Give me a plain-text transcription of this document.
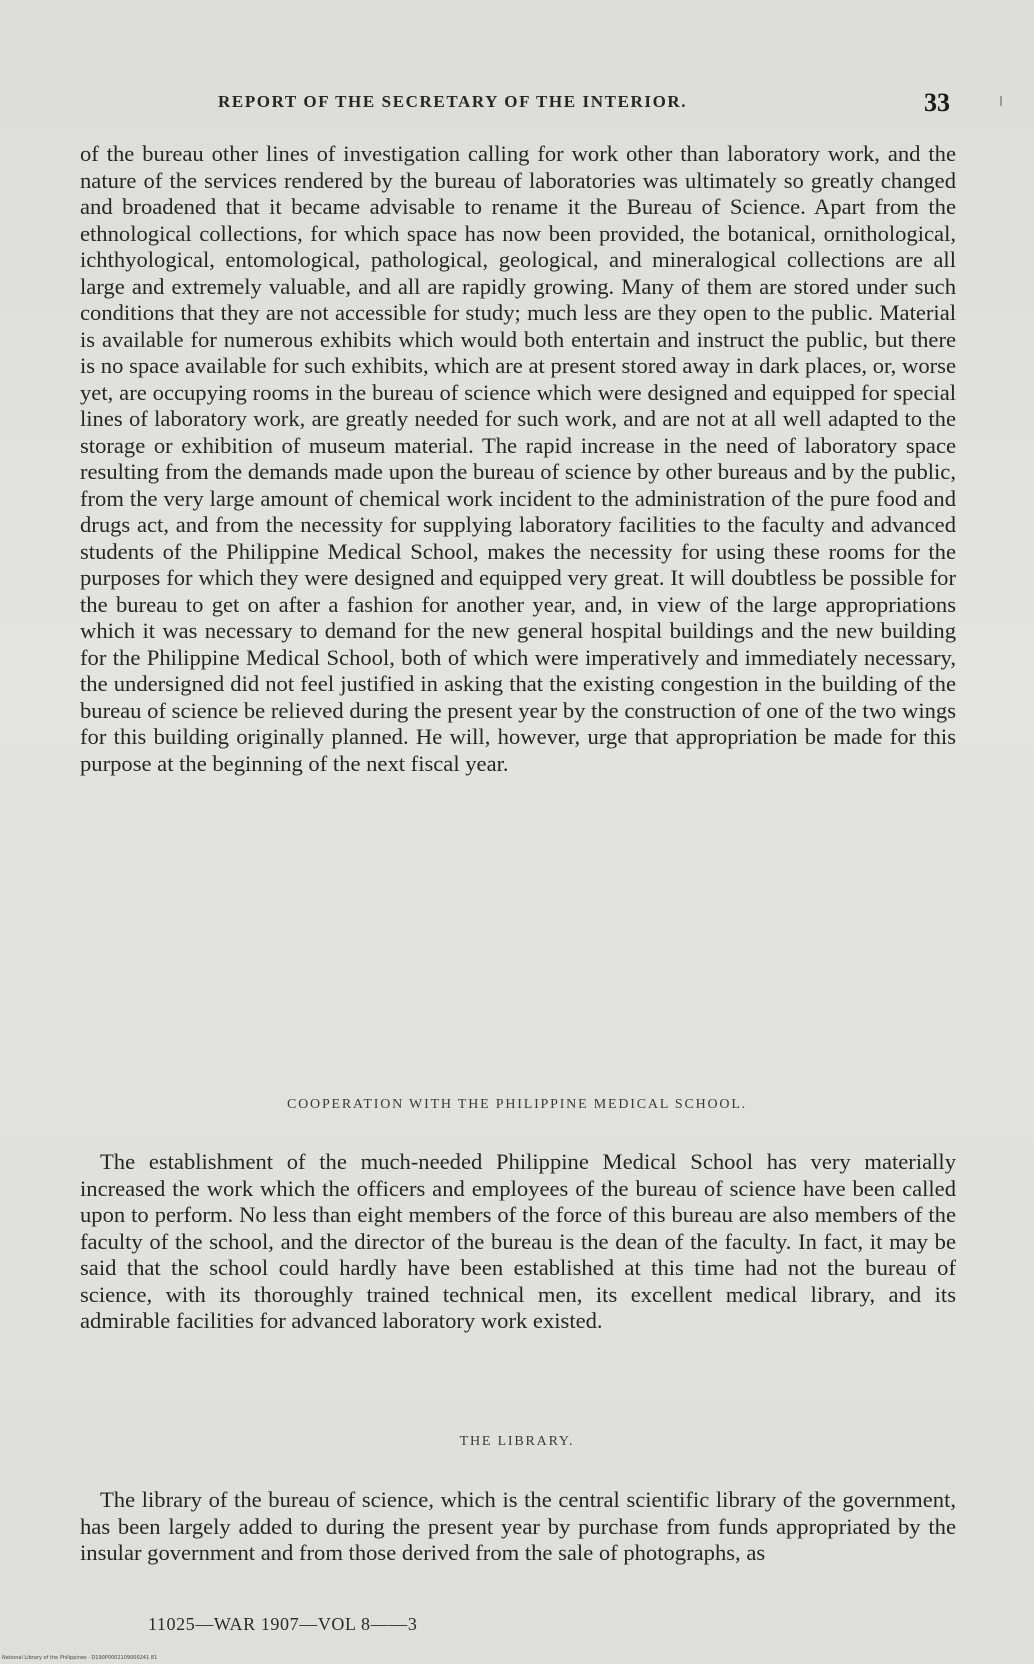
REPORT OF THE SECRETARY OF THE INTERIOR.	33

of the bureau other lines of investigation calling for work other than laboratory work, and the nature of the services rendered by the bureau of laboratories was ultimately so greatly changed and broadened that it became advisable to rename it the Bureau of Science. Apart from the ethnological collections, for which space has now been provided, the botanical, ornithological, ichthyological, entomological, pathological, geological, and mineralogical collections are all large and extremely valuable, and all are rapidly growing. Many of them are stored under such conditions that they are not accessible for study; much less are they open to the public. Material is available for numerous exhibits which would both entertain and instruct the public, but there is no space available for such exhibits, which are at present stored away in dark places, or, worse yet, are occupying rooms in the bureau of science which were designed and equipped for special lines of laboratory work, are greatly needed for such work, and are not at all well adapted to the storage or exhibition of museum material. The rapid increase in the need of laboratory space resulting from the demands made upon the bureau of science by other bureaus and by the public, from the very large amount of chemical work incident to the administration of the pure food and drugs act, and from the necessity for supplying laboratory facilities to the faculty and advanced students of the Philippine Medical School, makes the necessity for using these rooms for the purposes for which they were designed and equipped very great. It will doubtless be possible for the bureau to get on after a fashion for another year, and, in view of the large appropriations which it was necessary to demand for the new general hospital buildings and the new building for the Philippine Medical School, both of which were imperatively and immediately necessary, the undersigned did not feel justified in asking that the existing congestion in the building of the bureau of science be relieved during the present year by the construction of one of the two wings for this building originally planned. He will, however, urge that appropriation be made for this purpose at the beginning of the next fiscal year.

COOPERATION WITH THE PHILIPPINE MEDICAL SCHOOL.

The establishment of the much-needed Philippine Medical School has very materially increased the work which the officers and employees of the bureau of science have been called upon to perform. No less than eight members of the force of this bureau are also members of the faculty of the school, and the director of the bureau is the dean of the faculty. In fact, it may be said that the school could hardly have been established at this time had not the bureau of science, with its thoroughly trained technical men, its excellent medical library, and its admirable facilities for advanced laboratory work existed.

THE LIBRARY.

The library of the bureau of science, which is the central scientific library of the government, has been largely added to during the present year by purchase from funds appropriated by the insular government and from those derived from the sale of photographs, as

11025—WAR 1907—VOL 8——3
National Library of the Philippines · D190P0002109000241 81
